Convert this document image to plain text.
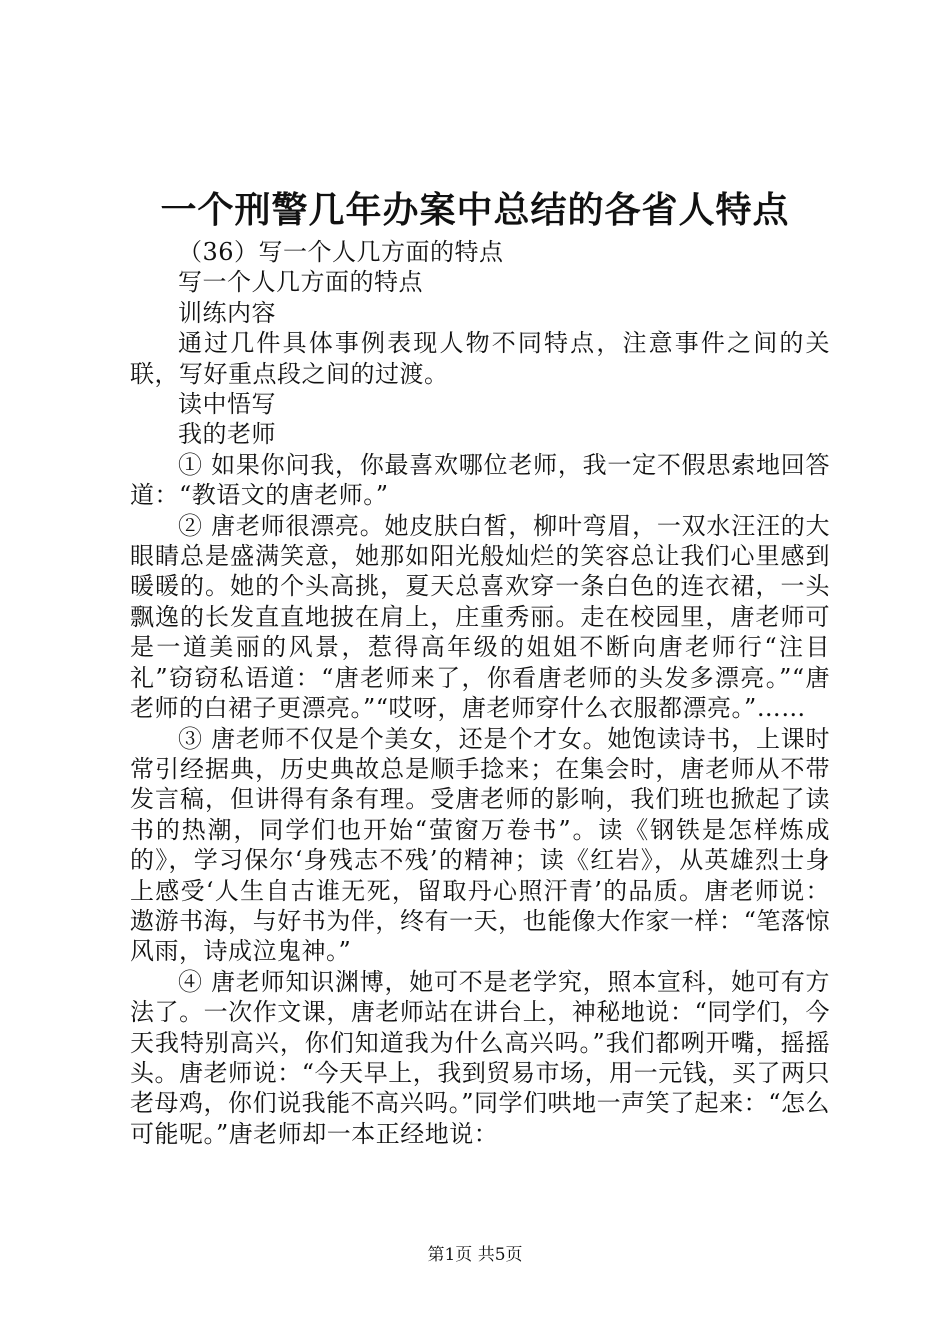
一个刑警几年办案中总结的各省人特点

（36）写一个人几方面的特点

写一个人几方面的特点

训练内容

通过几件具体事例表现人物不同特点，注意事件之间的关联，写好重点段之间的过渡。

读中悟写

我的老师

① 如果你问我，你最喜欢哪位老师，我一定不假思索地回答道：“教语文的唐老师。”

② 唐老师很漂亮。她皮肤白皙，柳叶弯眉，一双水汪汪的大眼睛总是盛满笑意，她那如阳光般灿烂的笑容总让我们心里感到暖暖的。她的个头高挑，夏天总喜欢穿一条白色的连衣裙，一头飘逸的长发直直地披在肩上，庄重秀丽。走在校园里，唐老师可是一道美丽的风景，惹得高年级的姐姐不断向唐老师行“注目礼”窃窃私语道：“唐老师来了，你看唐老师的头发多漂亮。”“唐老师的白裙子更漂亮。”“哎呀，唐老师穿什么衣服都漂亮。”……

③ 唐老师不仅是个美女，还是个才女。她饱读诗书，上课时常引经据典，历史典故总是顺手捻来；在集会时，唐老师从不带发言稿，但讲得有条有理。受唐老师的影响，我们班也掀起了读书的热潮，同学们也开始“萤窗万卷书”。读《钢铁是怎样炼成的》，学习保尔‘身残志不残’的精神；读《红岩》，从英雄烈士身上感受‘人生自古谁无死，留取丹心照汗青’的品质。唐老师说：遨游书海，与好书为伴，终有一天，也能像大作家一样：“笔落惊风雨，诗成泣鬼神。”

④ 唐老师知识渊博，她可不是老学究，照本宣科，她可有方法了。一次作文课，唐老师站在讲台上，神秘地说：“同学们，今天我特别高兴，你们知道我为什么高兴吗。”我们都咧开嘴，摇摇头。唐老师说：“今天早上，我到贸易市场，用一元钱，买了两只老母鸡，你们说我能不高兴吗。”同学们哄地一声笑了起来：“怎么可能呢。”唐老师却一本正经地说：

第1页 共5页
